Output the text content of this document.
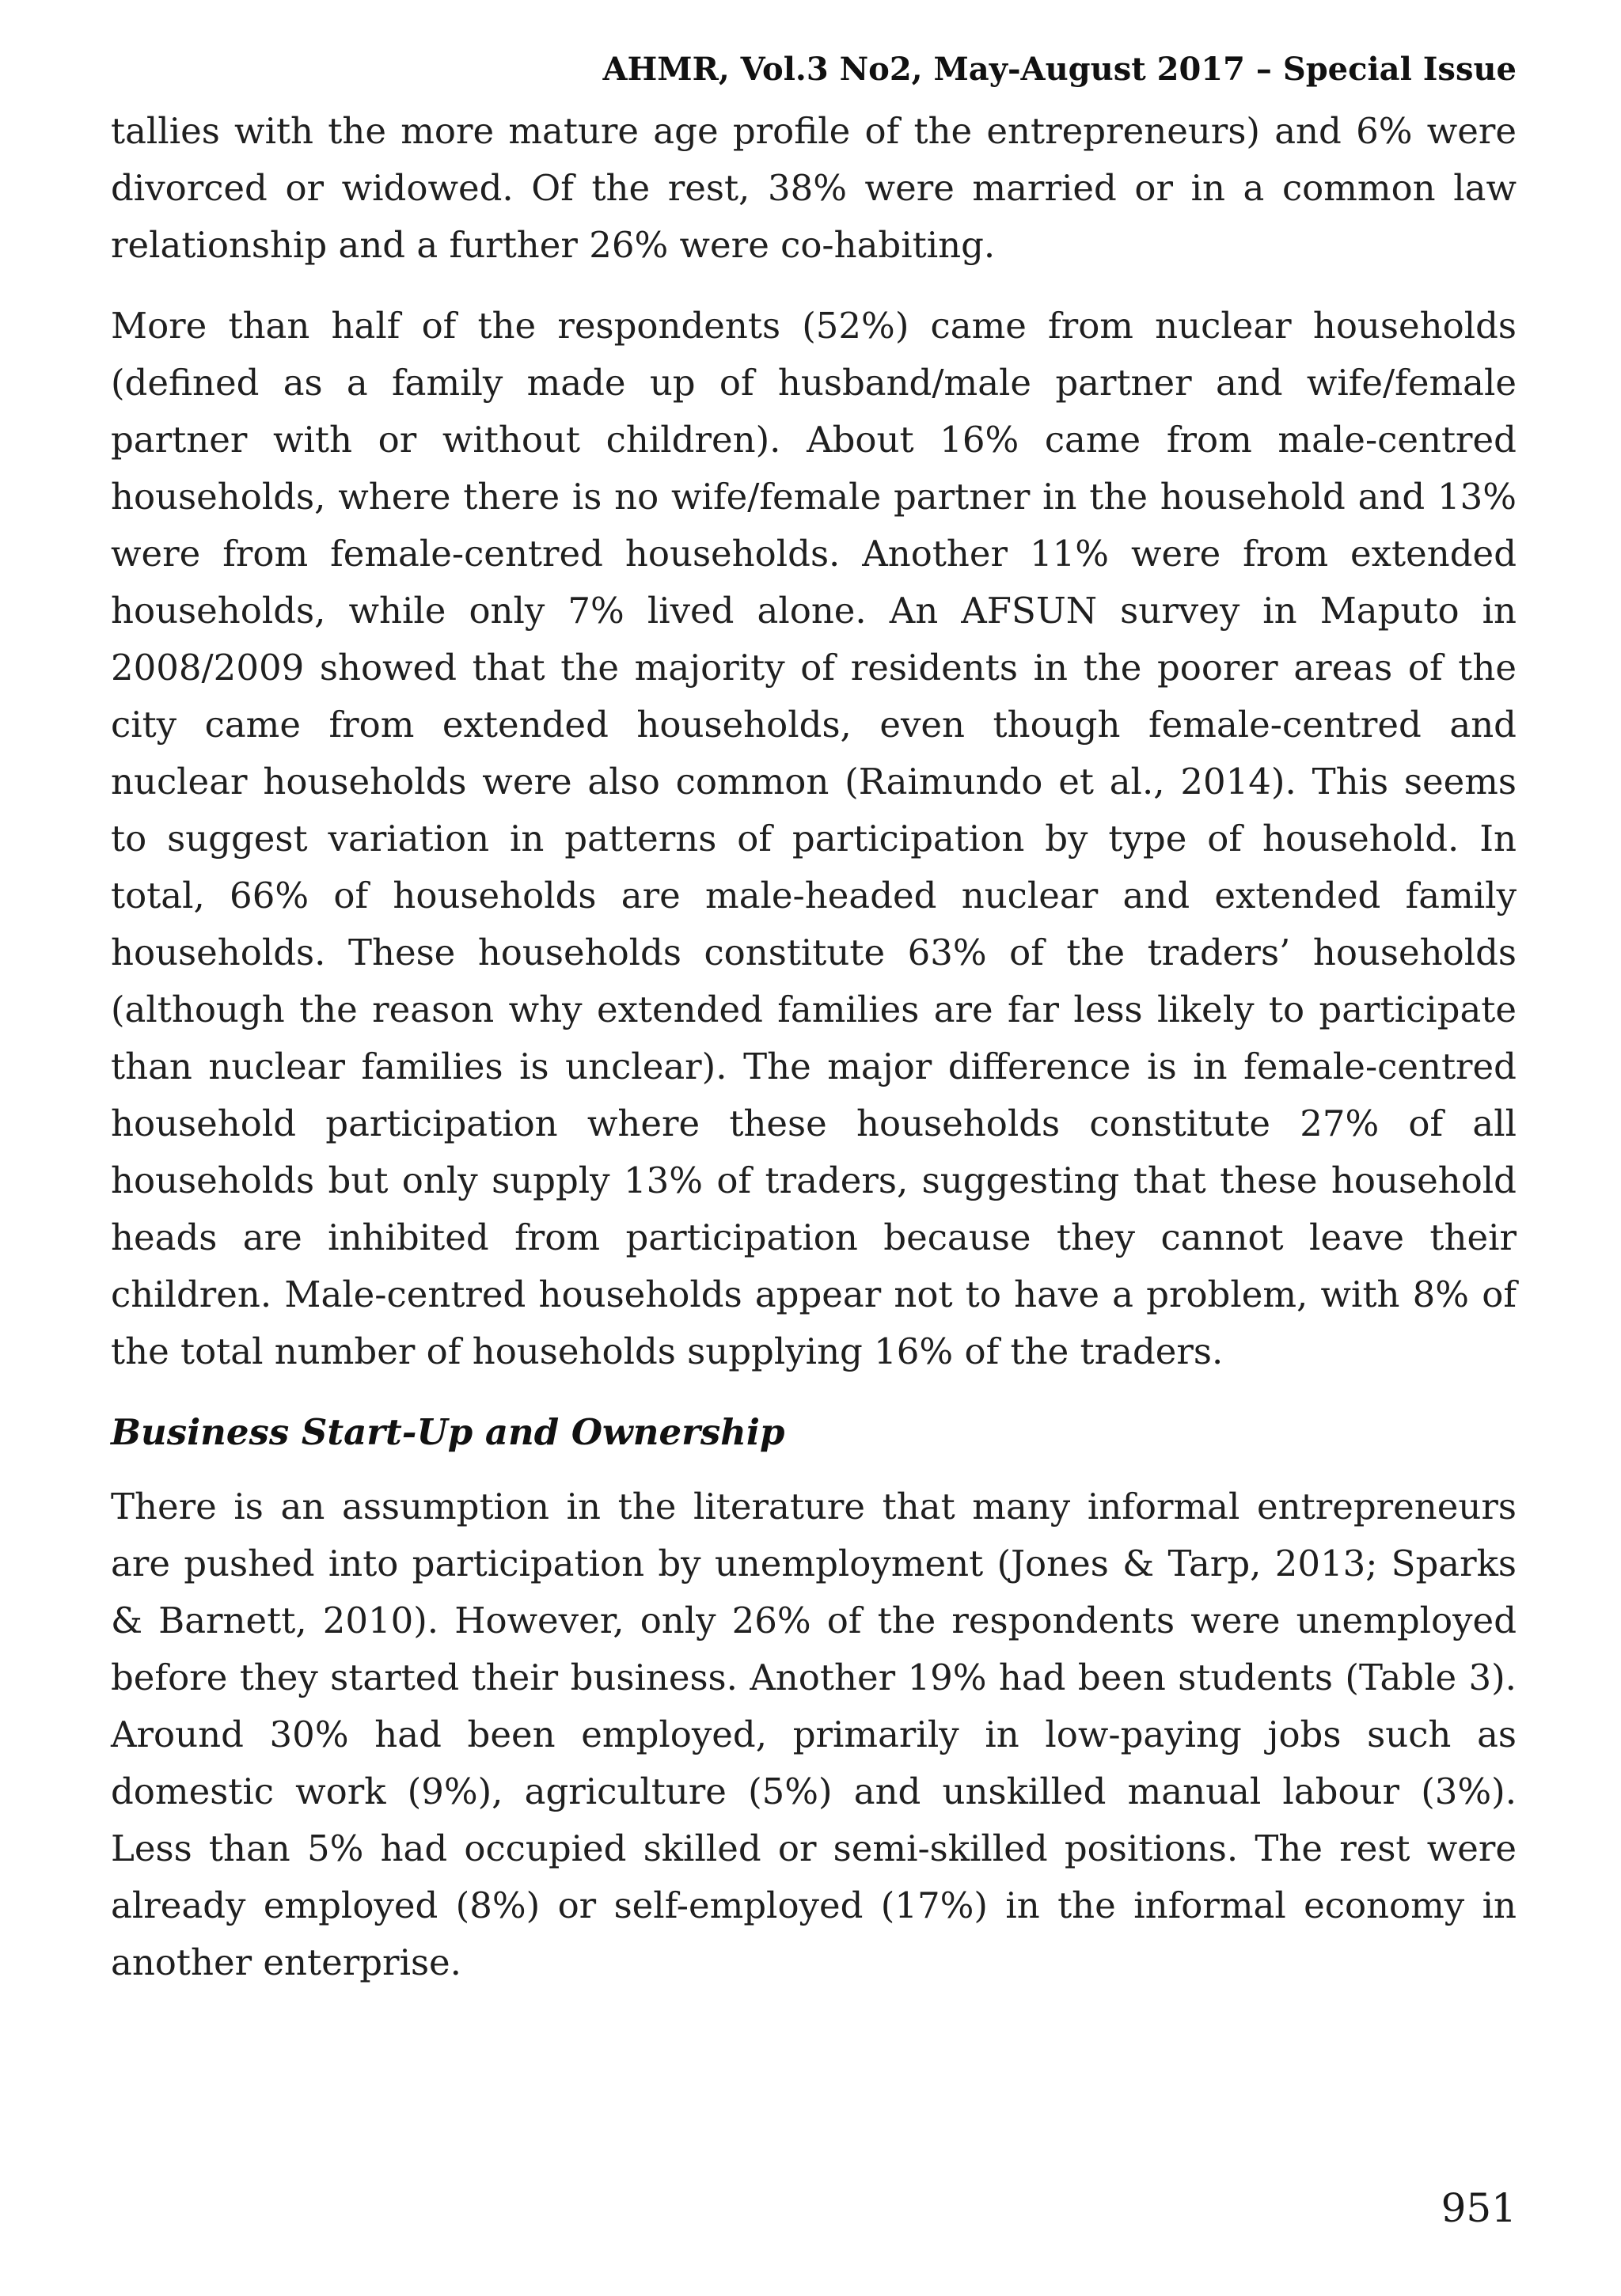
AHMR, Vol.3 No2, May-August 2017 – Special Issue

tallies with the more mature age profile of the entrepreneurs) and 6% were divorced or widowed. Of the rest, 38% were married or in a common law relationship and a further 26% were co-habiting.

More than half of the respondents (52%) came from nuclear households (defined as a family made up of husband/male partner and wife/female partner with or without children). About 16% came from male-centred households, where there is no wife/female partner in the household and 13% were from female-centred households. Another 11% were from extended households, while only 7% lived alone. An AFSUN survey in Maputo in 2008/2009 showed that the majority of residents in the poorer areas of the city came from extended households, even though female-centred and nuclear households were also common (Raimundo et al., 2014). This seems to suggest variation in patterns of participation by type of household. In total, 66% of households are male-headed nuclear and extended family households. These households constitute 63% of the traders’ households (although the reason why extended families are far less likely to participate than nuclear families is unclear). The major difference is in female-centred household participation where these households constitute 27% of all households but only supply 13% of traders, suggesting that these household heads are inhibited from participation because they cannot leave their children. Male-centred households appear not to have a problem, with 8% of the total number of households supplying 16% of the traders.

Business Start-Up and Ownership

There is an assumption in the literature that many informal entrepreneurs are pushed into participation by unemployment (Jones & Tarp, 2013; Sparks & Barnett, 2010). However, only 26% of the respondents were unemployed before they started their business. Another 19% had been students (Table 3). Around 30% had been employed, primarily in low-paying jobs such as domestic work (9%), agriculture (5%) and unskilled manual labour (3%). Less than 5% had occupied skilled or semi-skilled positions. The rest were already employed (8%) or self-employed (17%) in the informal economy in another enterprise.

951
